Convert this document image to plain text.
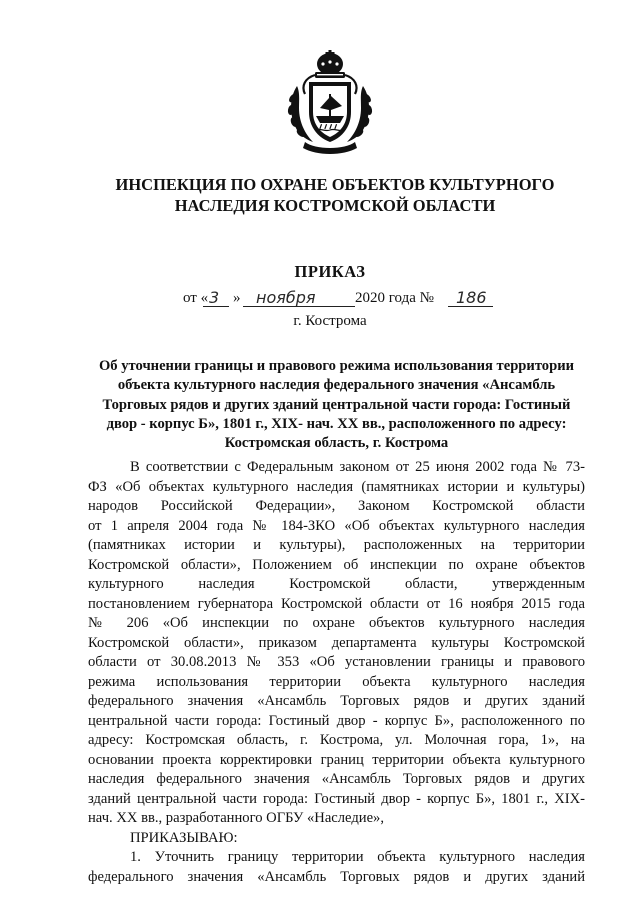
ИНСПЕКЦИЯ ПО ОХРАНЕ ОБЪЕКТОВ КУЛЬТУРНОГО
НАСЛЕДИЯ КОСТРОМСКОЙ ОБЛАСТИ
ПРИКАЗ
от « 3 » ноября	2020 года № 186
г. Кострома
Об уточнении границы и правового режима использования территории
объекта культурного наследия федерального значения «Ансамбль
Торговых рядов и других зданий центральной части города: Гостиный
двор - корпус Б», 1801 г., XIX- нач. XX вв., расположенного по адресу:
Костромская область, г. Кострома
В соответствии с Федеральным законом от 25 июня 2002 года № 73-
ФЗ «Об объектах культурного наследия (памятниках истории и культуры)
народов Российской Федерации», Законом Костромской области
от 1 апреля 2004 года № 184-ЗКО «Об объектах культурного наследия
(памятниках истории и культуры), расположенных на территории
Костромской области», Положением об инспекции по охране объектов
культурного наследия Костромской области, утвержденным
постановлением губернатора Костромской области от 16 ноября 2015 года
№ 206 «Об инспекции по охране объектов культурного наследия
Костромской области», приказом департамента культуры Костромской
области от 30.08.2013 № 353 «Об установлении границы и правового
режима использования территории объекта культурного наследия
федерального значения «Ансамбль Торговых рядов и других зданий
центральной части города: Гостиный двор - корпус Б», расположенного по
адресу: Костромская область, г. Кострома, ул. Молочная гора, 1», на
основании проекта корректировки границ территории объекта культурного
наследия федерального значения «Ансамбль Торговых рядов и других
зданий центральной части города: Гостиный двор - корпус Б», 1801 г., XIX-
нач. XX вв., разработанного ОГБУ «Наследие»,
ПРИКАЗЫВАЮ:
1. Уточнить границу территории объекта культурного наследия
федерального значения «Ансамбль Торговых рядов и других зданий
